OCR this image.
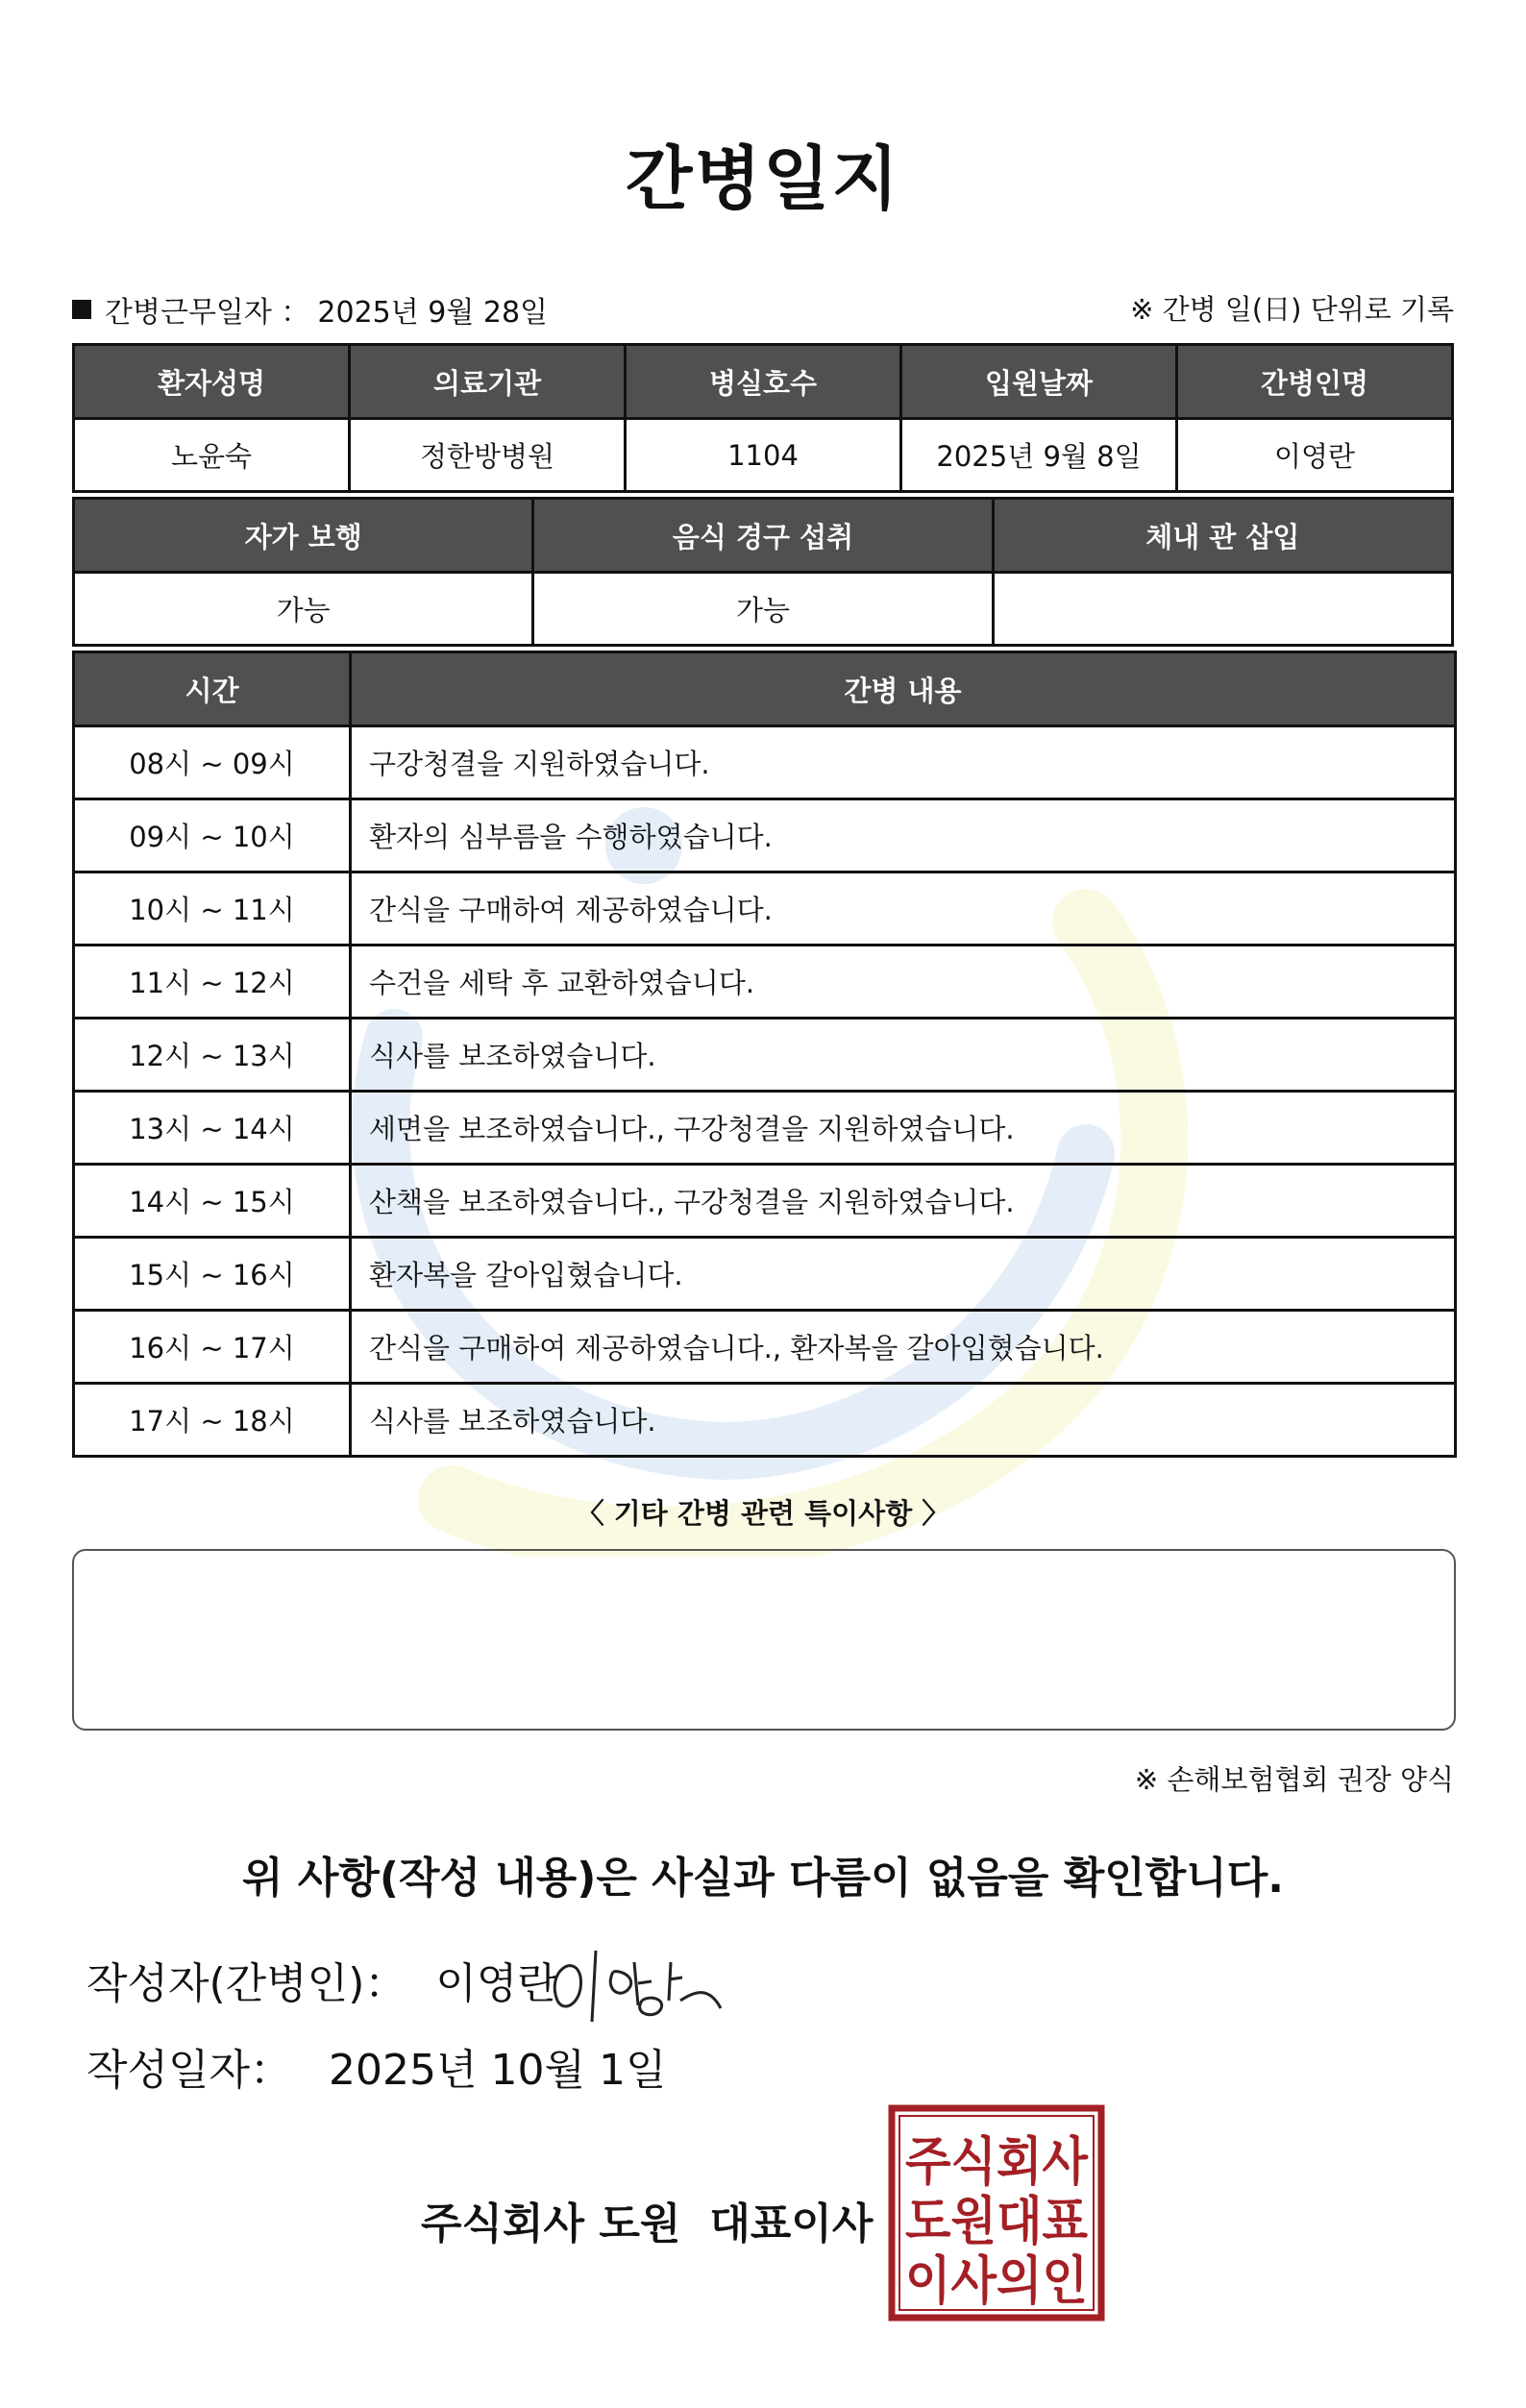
간병일지
간병근무일자 ： 2025년 9월 28일	※ 간병 일(日) 단위로 기록
환자성명	의료기관	병실호수	입원날짜	간병인명
노윤숙	정한방병원	1104	2025년 9월 8일	이영란
자가 보행	음식 경구 섭취	체내 관 삽입
가능	가능	
시간	간병 내용
08시 ~ 09시	구강청결을 지원하였습니다.
09시 ~ 10시	환자의 심부름을 수행하였습니다.
10시 ~ 11시	간식을 구매하여 제공하였습니다.
11시 ~ 12시	수건을 세탁 후 교환하였습니다.
12시 ~ 13시	식사를 보조하였습니다.
13시 ~ 14시	세면을 보조하였습니다., 구강청결을 지원하였습니다.
14시 ~ 15시	산책을 보조하였습니다., 구강청결을 지원하였습니다.
15시 ~ 16시	환자복을 갈아입혔습니다.
16시 ~ 17시	간식을 구매하여 제공하였습니다., 환자복을 갈아입혔습니다.
17시 ~ 18시	식사를 보조하였습니다.
〈 기타 간병 관련 특이사항 〉
※ 손해보험협회 권장 양식
위 사항(작성 내용)은 사실과 다름이 없음을 확인합니다.
작성자(간병인)： 이영란
작성일자： 2025년 10월 1일
주식회사 도원 대표이사
주식회사
도원대표
이사의인
